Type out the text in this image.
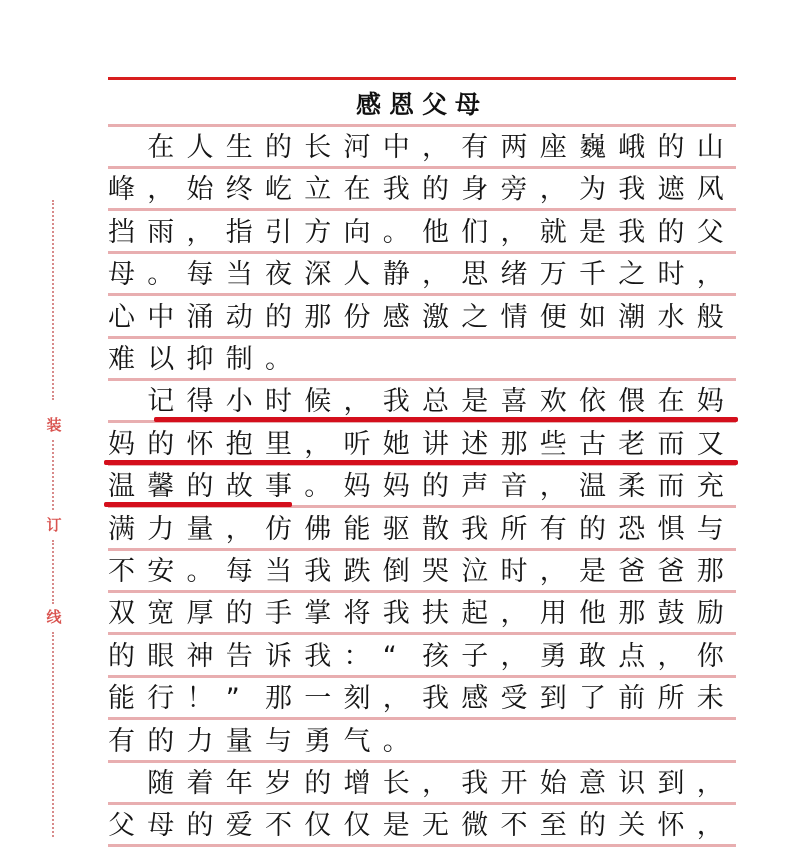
装
订
线
感恩父母

在 人 生 的 长 河 中 ， 有 两 座 巍 峨 的 山
峰 ， 始 终 屹 立 在 我 的 身 旁 ， 为 我 遮 风
挡 雨 ， 指 引 方 向 。 他 们 ， 就 是 我 的 父
母 。 每 当 夜 深 人 静 ， 思 绪 万 千 之 时 ，
心 中 涌 动 的 那 份 感 激 之 情 便 如 潮 水 般
难 以 抑 制 。

记 得 小 时 候 ， 我 总 是 喜 欢 依 偎 在 妈
妈 的 怀 抱 里 ， 听 她 讲 述 那 些 古 老 而 又
温 馨 的 故 事 。 妈 妈 的 声 音 ， 温 柔 而 充
满 力 量 ， 仿 佛 能 驱 散 我 所 有 的 恐 惧 与
不 安 。 每 当 我 跌 倒 哭 泣 时 ， 是 爸 爸 那
双 宽 厚 的 手 掌 将 我 扶 起 ， 用 他 那 鼓 励
的 眼 神 告 诉 我 ： “ 孩 子 ， 勇 敢 点 ， 你
能 行 ！ ” 那 一 刻 ， 我 感 受 到 了 前 所 未
有 的 力 量 与 勇 气 。

随 着 年 岁 的 增 长 ， 我 开 始 意 识 到 ，
父 母 的 爱 不 仅 仅 是 无 微 不 至 的 关 怀 ，
